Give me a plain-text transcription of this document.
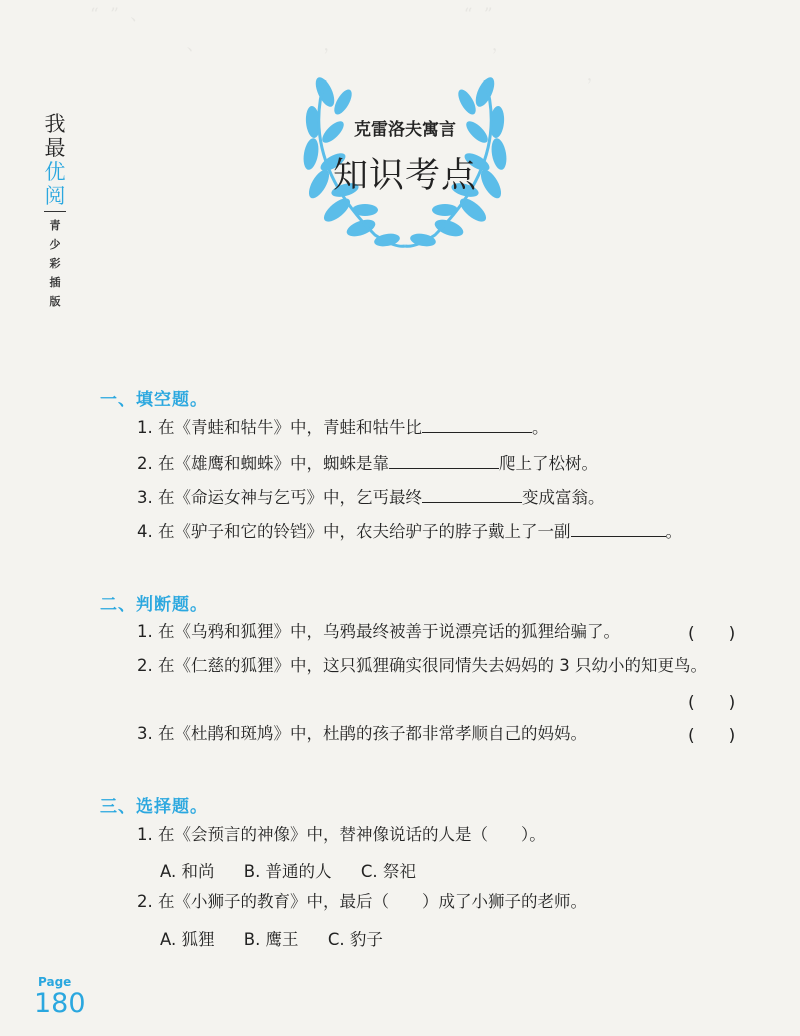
“ ” 、 　 　 　　　　　　　　　　　　 “ ”
　　 　　 、　　 　　 　 ，　　　　 　　 　，　　
　 　　　　　　　　　　　　　　　　　　　　　　　 ，

我
最
优
阅
青
少
彩
插
版
克雷洛夫寓言
知识考点
一、填空题。
1. 在《青蛙和牯牛》中，青蛙和牯牛比	。
2. 在《雄鹰和蜘蛛》中，蜘蛛是靠	爬上了松树。
3. 在《命运女神与乞丐》中，乞丐最终	变成富翁。
4. 在《驴子和它的铃铛》中，农夫给驴子的脖子戴上了一副	。
二、判断题。
1. 在《乌鸦和狐狸》中，乌鸦最终被善于说漂亮话的狐狸给骗了。	(　　)
2. 在《仁慈的狐狸》中，这只狐狸确实很同情失去妈妈的 3 只幼小的知更鸟。
(　　)
3. 在《杜鹃和斑鸠》中，杜鹃的孩子都非常孝顺自己的妈妈。	(　　)
三、选择题。
1. 在《会预言的神像》中，替神像说话的人是（　　）。
A. 和尚 B. 普通的人 C. 祭祀
2. 在《小狮子的教育》中，最后（　　）成了小狮子的老师。
A. 狐狸 B. 鹰王 C. 豹子
Page
180
